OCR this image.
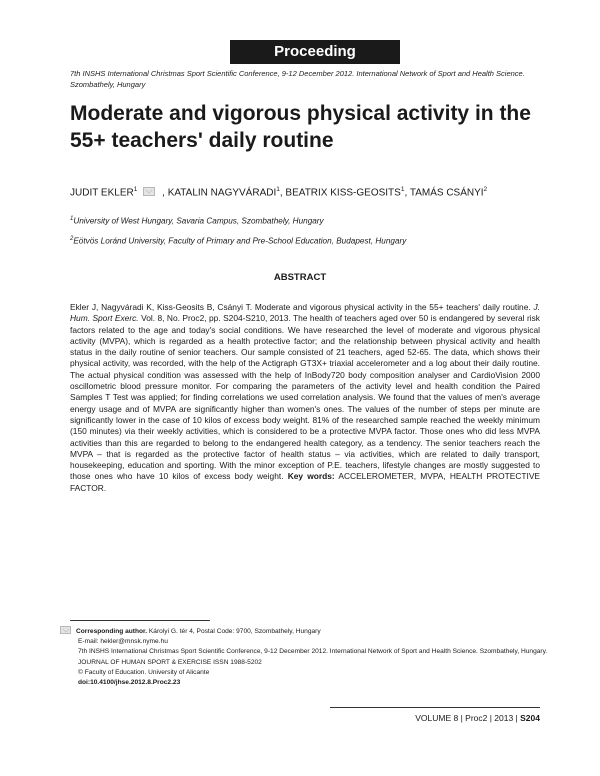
Proceeding
7th INSHS International Christmas Sport Scientific Conference, 9-12 December 2012. International Network of Sport and Health Science. Szombathely, Hungary
Moderate and vigorous physical activity in the 55+ teachers' daily routine
JUDIT EKLER$^1$ , KATALIN NAGYVÁRADI$^1$, BEATRIX KISS-GEOSITS$^1$, TAMÁS CSÁNYI$^2$
$^1$University of West Hungary, Savaria Campus, Szombathely, Hungary
$^2$Eötvös Loránd University, Faculty of Primary and Pre-School Education, Budapest, Hungary
ABSTRACT
Ekler J, Nagyváradi K, Kiss-Geosits B, Csányi T. Moderate and vigorous physical activity in the 55+ teachers' daily routine. J. Hum. Sport Exerc. Vol. 8, No. Proc2, pp. S204-S210, 2013. The health of teachers aged over 50 is endangered by several risk factors related to the age and today's social conditions. We have researched the level of moderate and vigorous physical activity (MVPA), which is regarded as a health protective factor; and the relationship between physical activity and health status in the daily routine of senior teachers. Our sample consisted of 21 teachers, aged 52-65. The data, which shows their physical activity, was recorded, with the help of the Actigraph GT3X+ triaxial accelerometer and a log about their daily routine. The actual physical condition was assessed with the help of InBody720 body composition analyser and CardioVision 2000 oscillometric blood pressure monitor. For comparing the parameters of the activity level and health condition the Paired Samples T Test was applied; for finding correlations we used correlation analysis. We found that the values of men's average energy usage and of MVPA are significantly higher than women's ones. The values of the number of steps per minute are significantly lower in the case of 10 kilos of excess body weight. 81% of the researched sample reached the weekly minimum (150 minutes) via their weekly activities, which is considered to be a protective MVPA factor. Those ones who did less MVPA activities than this are regarded to belong to the endangered health category, as a tendency. The senior teachers reach the MVPA – that is regarded as the protective factor of health status – via activities, which are related to daily transport, housekeeping, education and sporting. With the minor exception of P.E. teachers, lifestyle changes are mostly suggested to those ones who have 10 kilos of excess body weight. Key words: ACCELEROMETER, MVPA, HEALTH PROTECTIVE FACTOR.
Corresponding author. Károlyi G. tér 4, Postal Code: 9700, Szombathely, Hungary
E-mail: hekler@mnsk.nyme.hu
7th INSHS International Christmas Sport Scientific Conference, 9-12 December 2012. International Network of Sport and Health Science. Szombathely, Hungary.
JOURNAL OF HUMAN SPORT & EXERCISE ISSN 1988-5202
© Faculty of Education. University of Alicante
doi:10.4100/jhse.2012.8.Proc2.23
VOLUME 8 | Proc2 | 2013 | S204
